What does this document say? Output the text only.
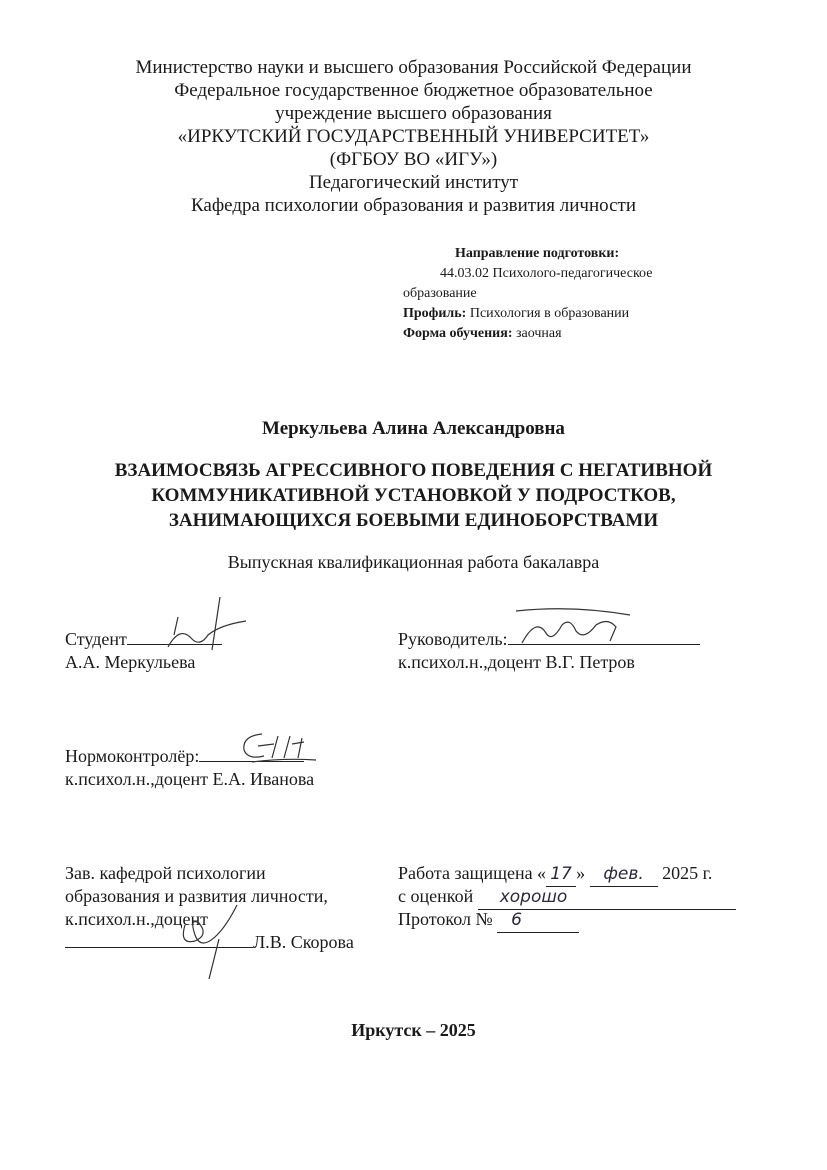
Министерство науки и высшего образования Российской Федерации
Федеральное государственное бюджетное образовательное
учреждение высшего образования
«ИРКУТСКИЙ ГОСУДАРСТВЕННЫЙ УНИВЕРСИТЕТ»
(ФГБОУ ВО «ИГУ»)
Педагогический институт
Кафедра психологии образования и развития личности
Направление подготовки:
44.03.02 Психолого-педагогическое
образование
Профиль: Психология в образовании
Форма обучения: заочная
Меркульева Алина Александровна
ВЗАИМОСВЯЗЬ АГРЕССИВНОГО ПОВЕДЕНИЯ С НЕГАТИВНОЙ
КОММУНИКАТИВНОЙ УСТАНОВКОЙ У ПОДРОСТКОВ,
ЗАНИМАЮЩИХСЯ БОЕВЫМИ ЕДИНОБОРСТВАМИ
Выпускная квалификационная работа бакалавра
Студент
А.А. Меркульева
Руководитель:
к.психол.н.,доцент В.Г. Петров
Нормоконтролёр:
к.психол.н.,доцент Е.А. Иванова
Зав. кафедрой психологии
образования и развития личности,
к.психол.н.,доцент
Л.В. Скорова
Работа защищена « 17 » фев. 2025 г.
с оценкой хорошо
Протокол № 6
Иркутск – 2025
